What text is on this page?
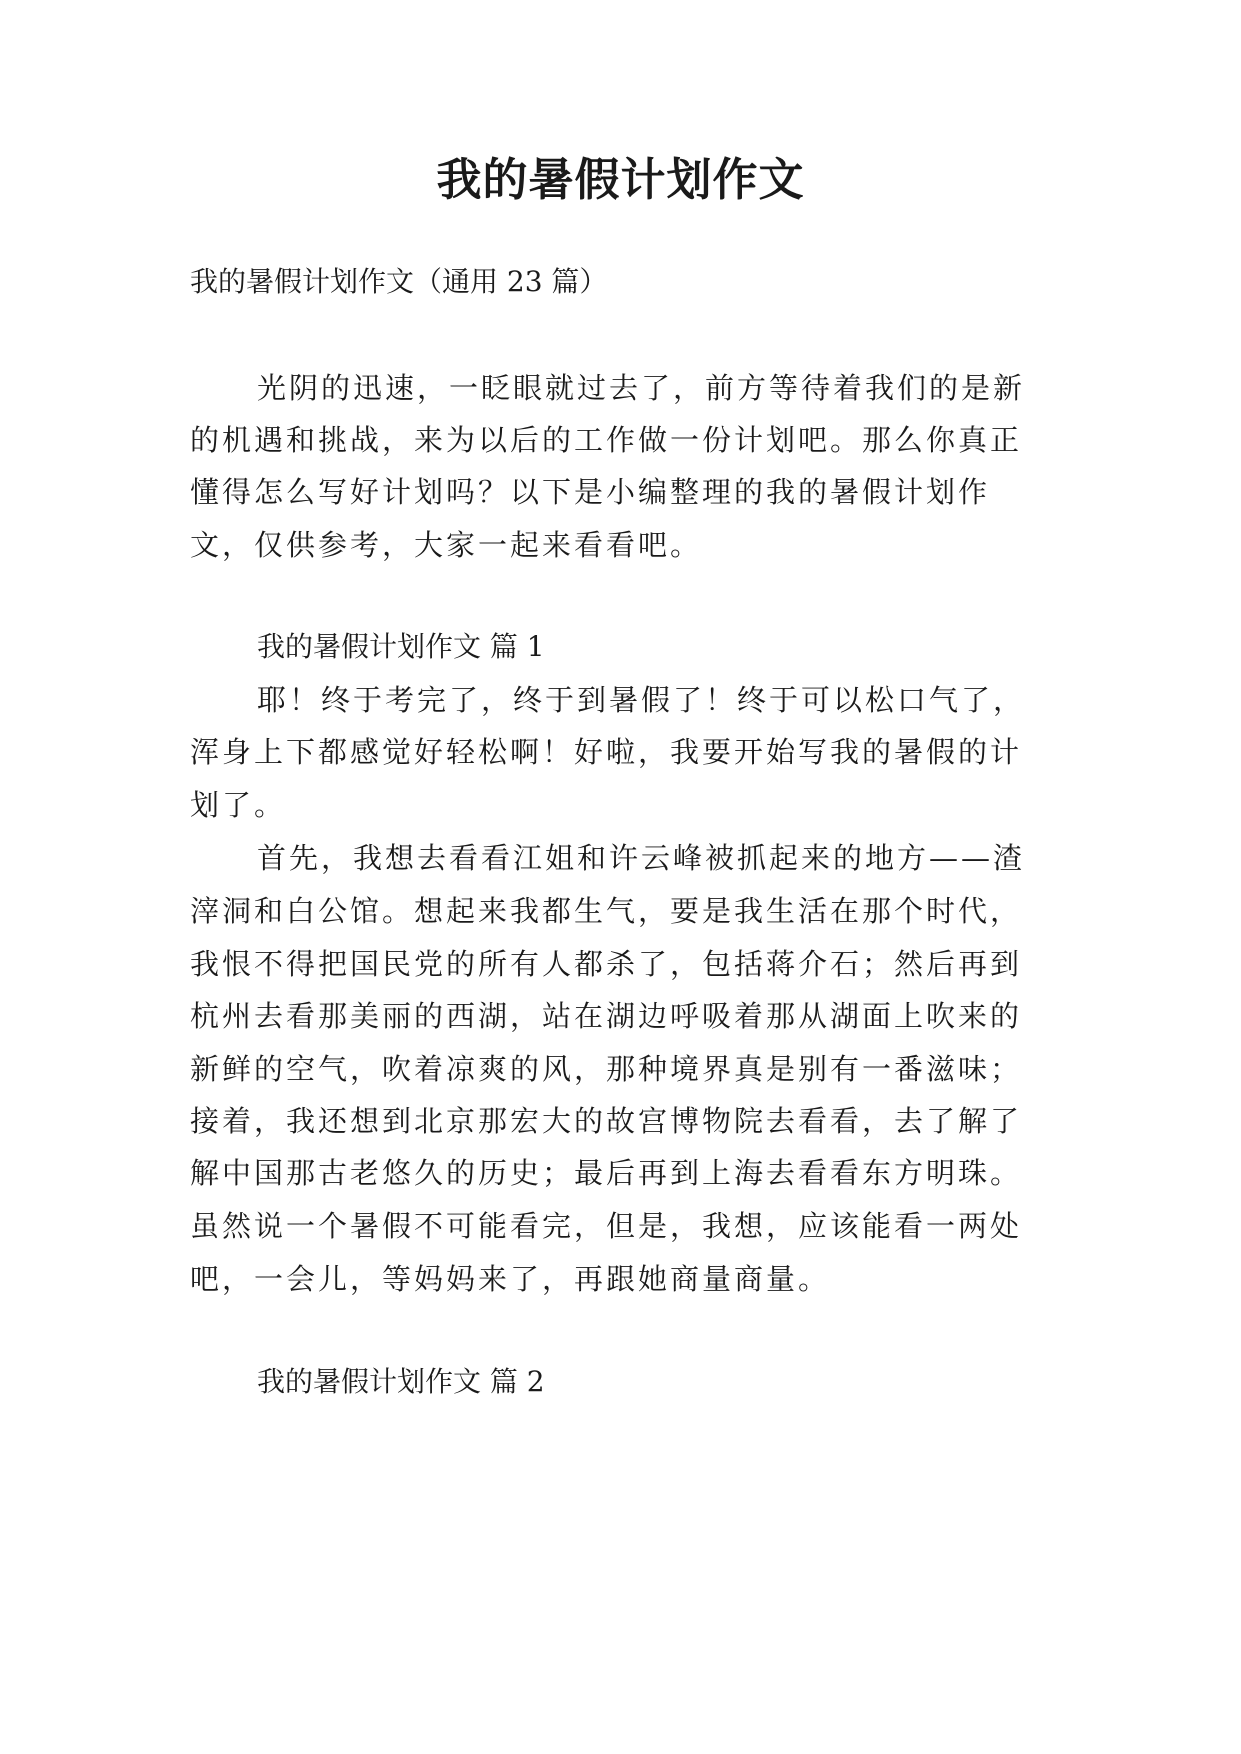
我的暑假计划作文
我的暑假计划作文（通用 23 篇）
光阴的迅速，一眨眼就过去了，前方等待着我们的是新
的机遇和挑战，来为以后的工作做一份计划吧。那么你真正
懂得怎么写好计划吗？以下是小编整理的我的暑假计划作
文，仅供参考，大家一起来看看吧。
我的暑假计划作文 篇 1
耶！终于考完了，终于到暑假了！终于可以松口气了，
浑身上下都感觉好轻松啊！好啦，我要开始写我的暑假的计
划了。
首先，我想去看看江姐和许云峰被抓起来的地方——渣
滓洞和白公馆。想起来我都生气，要是我生活在那个时代，
我恨不得把国民党的所有人都杀了，包括蒋介石；然后再到
杭州去看那美丽的西湖，站在湖边呼吸着那从湖面上吹来的
新鲜的空气，吹着凉爽的风，那种境界真是别有一番滋味；
接着，我还想到北京那宏大的故宫博物院去看看，去了解了
解中国那古老悠久的历史；最后再到上海去看看东方明珠。
虽然说一个暑假不可能看完，但是，我想，应该能看一两处
吧，一会儿，等妈妈来了，再跟她商量商量。
我的暑假计划作文 篇 2
